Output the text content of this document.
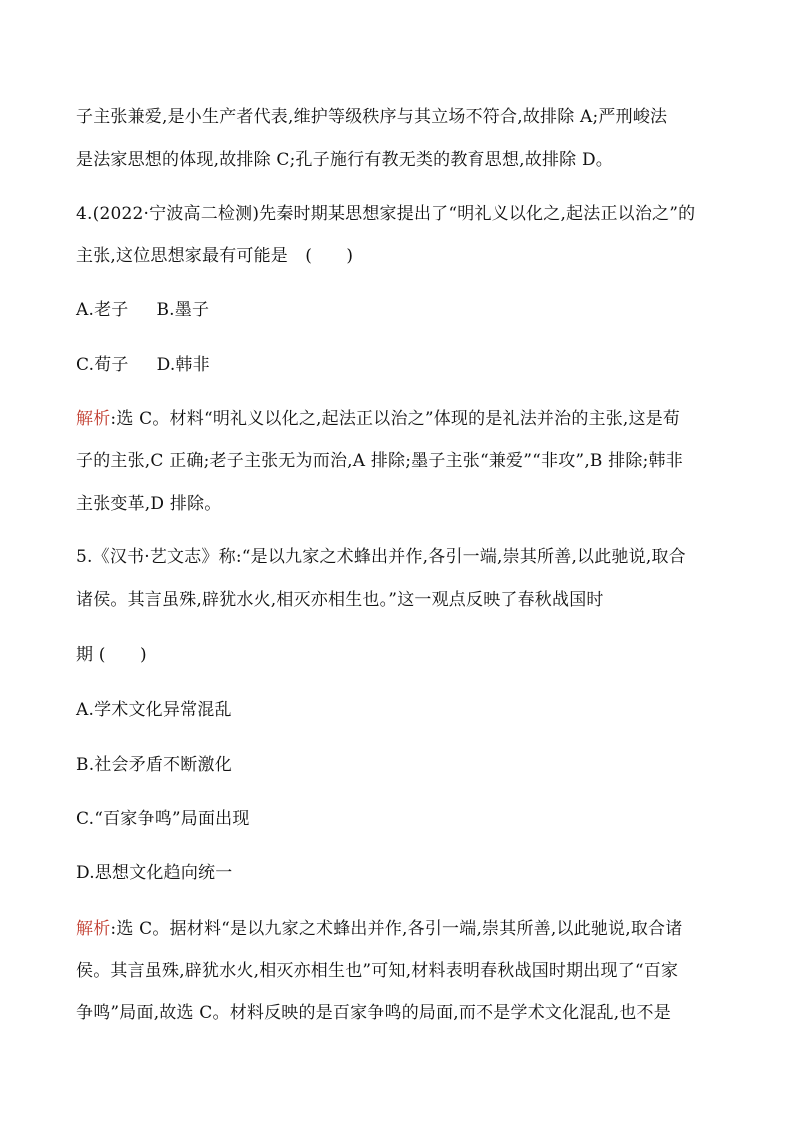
子主张兼爱,是小生产者代表,维护等级秩序与其立场不符合,故排除 A;严刑峻法
是法家思想的体现,故排除 C;孔子施行有教无类的教育思想,故排除 D。
4.(2022·宁波高二检测)先秦时期某思想家提出了“明礼义以化之,起法正以治之”的
主张,这位思想家最有可能是　(　　)
A.老子 B.墨子
C.荀子 D.韩非
解析:选 C。材料“明礼义以化之,起法正以治之”体现的是礼法并治的主张,这是荀
子的主张,C 正确;老子主张无为而治,A 排除;墨子主张“兼爱”“非攻”,B 排除;韩非
主张变革,D 排除。
5.《汉书·艺文志》称:“是以九家之术蜂出并作,各引一端,崇其所善,以此驰说,取合
诸侯。其言虽殊,辟犹水火,相灭亦相生也。”这一观点反映了春秋战国时
期 (　　)
A.学术文化异常混乱
B.社会矛盾不断激化
C.“百家争鸣”局面出现
D.思想文化趋向统一
解析:选 C。据材料“是以九家之术蜂出并作,各引一端,崇其所善,以此驰说,取合诸
侯。其言虽殊,辟犹水火,相灭亦相生也”可知,材料表明春秋战国时期出现了“百家
争鸣”局面,故选 C。材料反映的是百家争鸣的局面,而不是学术文化混乱,也不是
